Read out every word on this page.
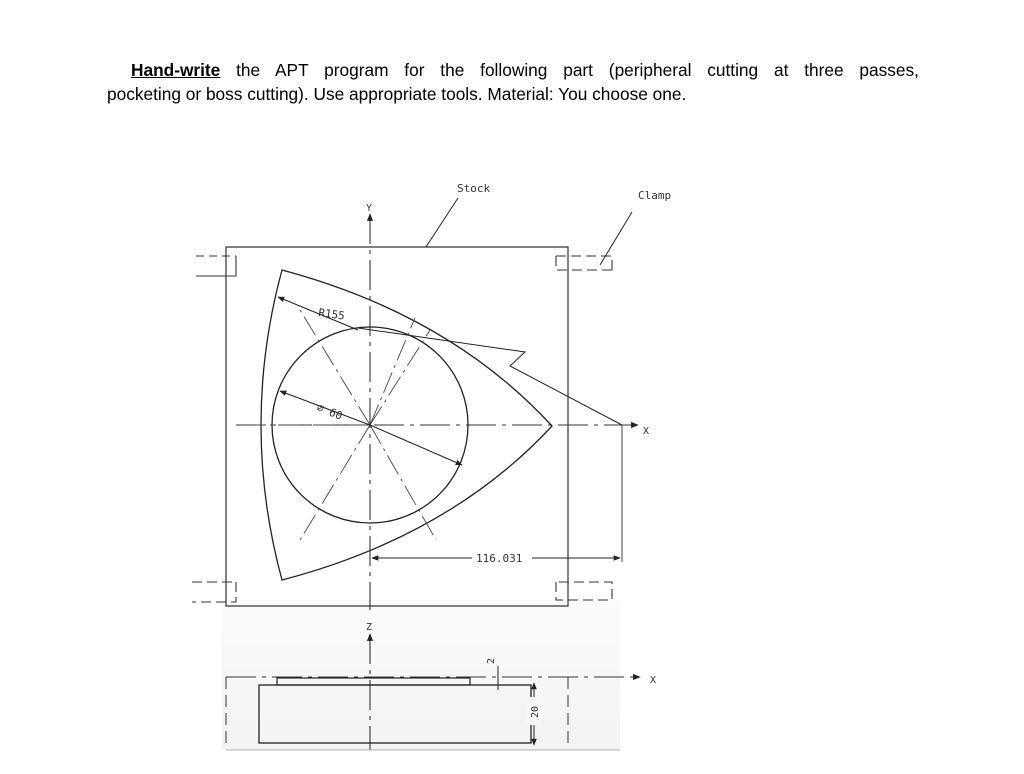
Hand-write the APT program for the following part (peripheral cutting at three passes,
pocketing or boss cutting). Use appropriate tools. Material: You choose one.
Stock
Clamp
Y
X
R155
⌀ 60
116.031
Z
X
2
20
